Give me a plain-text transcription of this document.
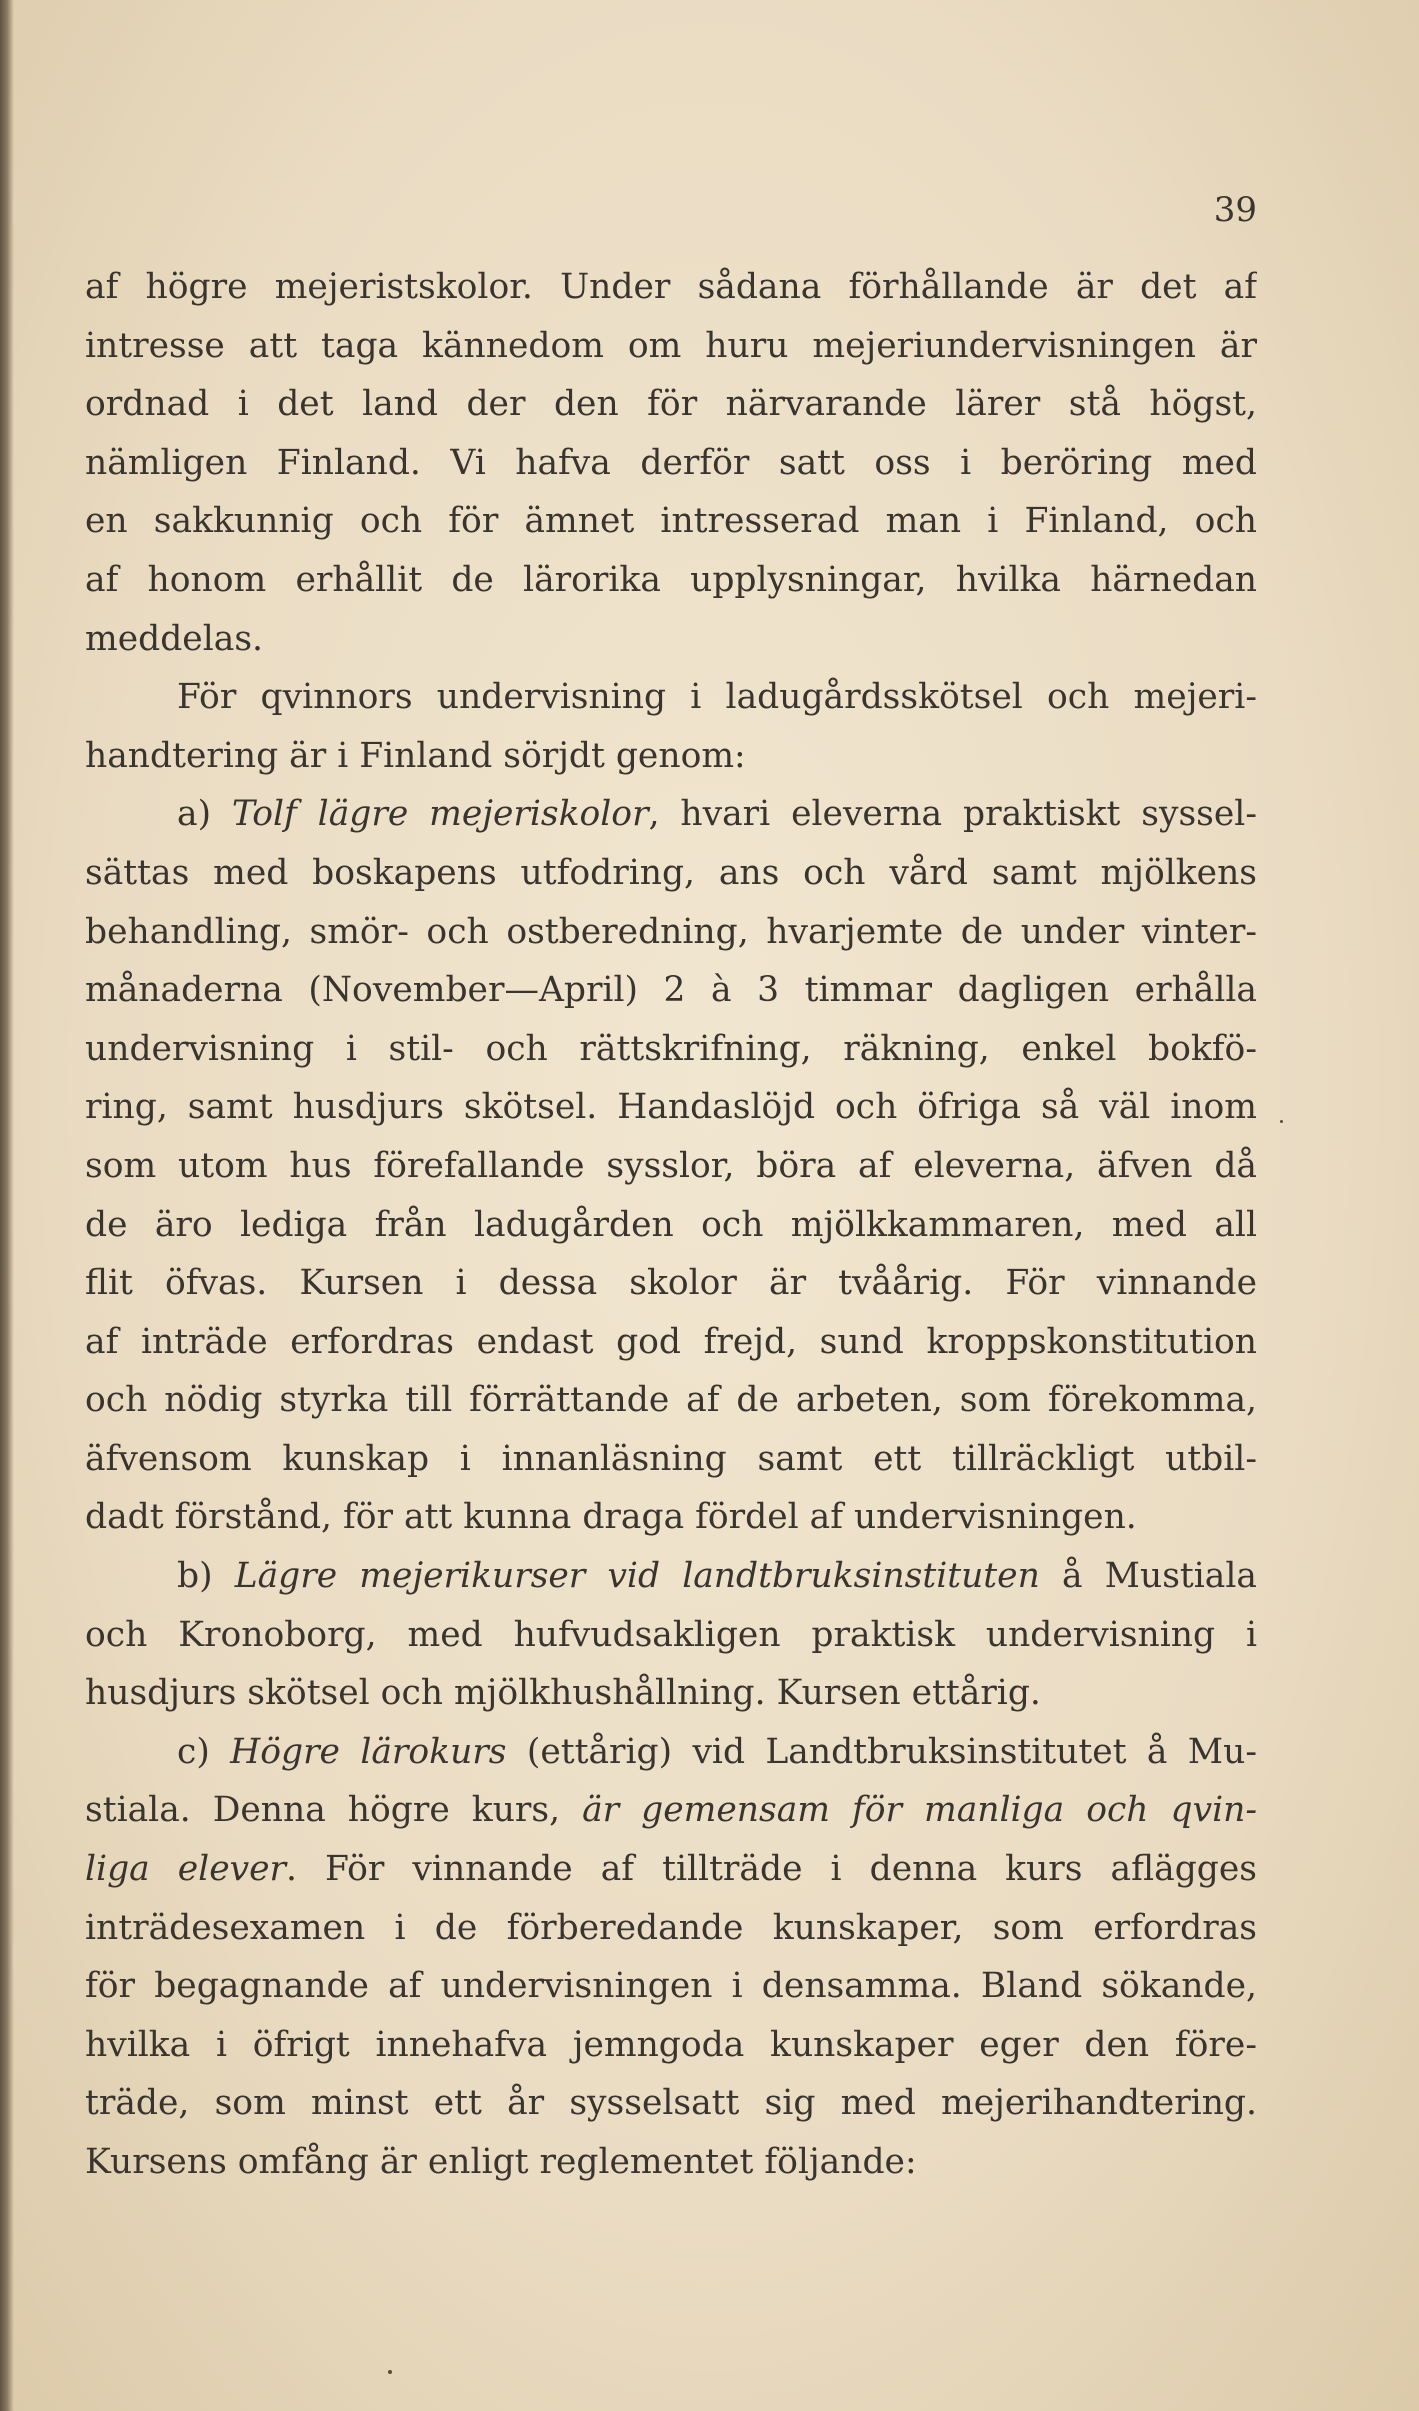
39
af högre mejeristskolor. Under sådana förhållande är det af
intresse att taga kännedom om huru mejeriundervisningen är
ordnad i det land der den för närvarande lärer stå högst,
nämligen Finland. Vi hafva derför satt oss i beröring med
en sakkunnig och för ämnet intresserad man i Finland, och
af honom erhållit de lärorika upplysningar, hvilka härnedan
meddelas.
För qvinnors undervisning i ladugårdsskötsel och mejeri-
handtering är i Finland sörjdt genom:
a) Tolf lägre mejeriskolor, hvari eleverna praktiskt syssel-
sättas med boskapens utfodring, ans och vård samt mjölkens
behandling, smör- och ostberedning, hvarjemte de under vinter-
månaderna (November—April) 2 à 3 timmar dagligen erhålla
undervisning i stil- och rättskrifning, räkning, enkel bokfö-
ring, samt husdjurs skötsel. Handaslöjd och öfriga så väl inom
som utom hus förefallande sysslor, böra af eleverna, äfven då
de äro lediga från ladugården och mjölkkammaren, med all
flit öfvas. Kursen i dessa skolor är tvåårig. För vinnande
af inträde erfordras endast god frejd, sund kroppskonstitution
och nödig styrka till förrättande af de arbeten, som förekomma,
äfvensom kunskap i innanläsning samt ett tillräckligt utbil-
dadt förstånd, för att kunna draga fördel af undervisningen.
b) Lägre mejerikurser vid landtbruksinstituten å Mustiala
och Kronoborg, med hufvudsakligen praktisk undervisning i
husdjurs skötsel och mjölkhushållning. Kursen ettårig.
c) Högre lärokurs (ettårig) vid Landtbruksinstitutet å Mu-
stiala. Denna högre kurs, är gemensam för manliga och qvin-
liga elever. För vinnande af tillträde i denna kurs aflägges
inträdesexamen i de förberedande kunskaper, som erfordras
för begagnande af undervisningen i densamma. Bland sökande,
hvilka i öfrigt innehafva jemngoda kunskaper eger den före-
träde, som minst ett år sysselsatt sig med mejerihandtering.
Kursens omfång är enligt reglementet följande:
